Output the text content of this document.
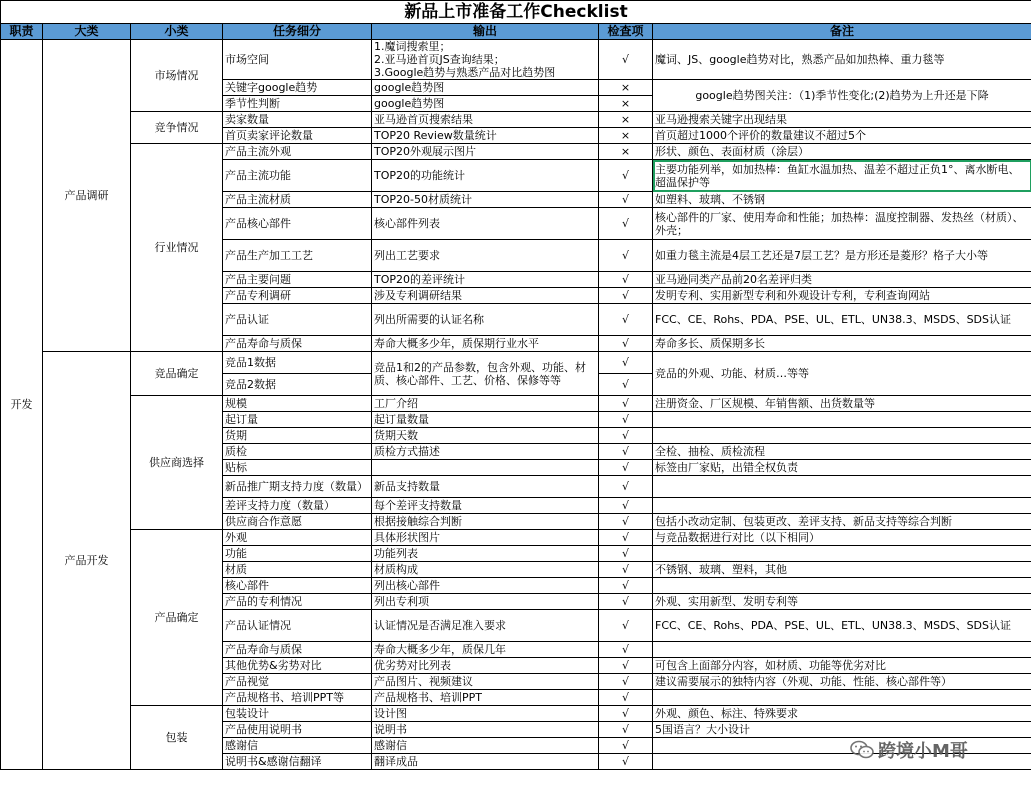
新品上市准备工作Checklist						
职责	大类	小类	任务细分	输出	检查项	备注
开发	产品调研	市场情况	市场空间	1.魔词搜索里；
2.亚马逊首页JS查询结果；
3.Google趋势与熟悉产品对比趋势图	√	魔词、JS、google趋势对比，熟悉产品如加热棒、重力毯等
			关键字google趋势	google趋势图	×	google趋势图关注：（1)季节性变化;(2)趋势为上升还是下降
			季节性判断	google趋势图	×	
		竞争情况	卖家数量	亚马逊首页搜索结果	×	亚马逊搜索关键字出现结果
			首页卖家评论数量	TOP20 Review数量统计	×	首页超过1000个评价的数量建议不超过5个
		行业情况	产品主流外观	TOP20外观展示图片	×	形状、颜色、表面材质（涂层）
			产品主流功能	TOP20的功能统计	√	主要功能列举，如加热棒：鱼缸水温加热、温差不超过正负1°、离水断电、超温保护等
			产品主流材质	TOP20-50材质统计	√	如塑料、玻璃、不锈钢
			产品核心部件	核心部件列表	√	核心部件的厂家、使用寿命和性能；加热棒：温度控制器、发热丝（材质）、外壳；
			产品生产加工工艺	列出工艺要求	√	如重力毯主流是4层工艺还是7层工艺？是方形还是菱形？格子大小等
			产品主要问题	TOP20的差评统计	√	亚马逊同类产品前20名差评归类
			产品专利调研	涉及专利调研结果	√	发明专利、实用新型专利和外观设计专利，专利查询网站
			产品认证	列出所需要的认证名称	√	FCC、CE、Rohs、PDA、PSE、UL、ETL、UN38.3、MSDS、SDS认证
			产品寿命与质保	寿命大概多少年，质保期行业水平	√	寿命多长、质保期多长
	产品开发	竞品确定	竞品1数据	竞品1和2的产品参数，包含外观、功能、材质、核心部件、工艺、价格、保修等等	√	竞品的外观、功能、材质…等等
			竞品2数据		√	
		供应商选择	规模	工厂介绍	√	注册资金、厂区规模、年销售额、出货数量等
			起订量	起订量数量	√	
			货期	货期天数	√	
			质检	质检方式描述	√	全检、抽检、质检流程
			贴标		√	标签由厂家贴，出错全权负责
			新品推广期支持力度（数量）	新品支持数量	√	
			差评支持力度（数量）	每个差评支持数量	√	
			供应商合作意愿	根据接触综合判断	√	包括小改动定制、包装更改、差评支持、新品支持等综合判断
		产品确定	外观	具体形状图片	√	与竞品数据进行对比（以下相同）
			功能	功能列表	√	
			材质	材质构成	√	不锈钢、玻璃、塑料，其他
			核心部件	列出核心部件	√	
			产品的专利情况	列出专利项	√	外观、实用新型、发明专利等
			产品认证情况	认证情况是否满足准入要求	√	FCC、CE、Rohs、PDA、PSE、UL、ETL、UN38.3、MSDS、SDS认证
			产品寿命与质保	寿命大概多少年，质保几年	√	
			其他优势&劣势对比	优劣势对比列表	√	可包含上面部分内容，如材质、功能等优劣对比
			产品视觉	产品图片、视频建议	√	建议需要展示的独特内容（外观、功能、性能、核心部件等）
			产品规格书、培训PPT等	产品规格书、培训PPT	√	
		包装	包装设计	设计图	√	外观、颜色、标注、特殊要求
			产品使用说明书	说明书	√	5国语言？大小设计
			感谢信	感谢信	√	
			说明书&感谢信翻译	翻译成品	√		跨境小M哥
